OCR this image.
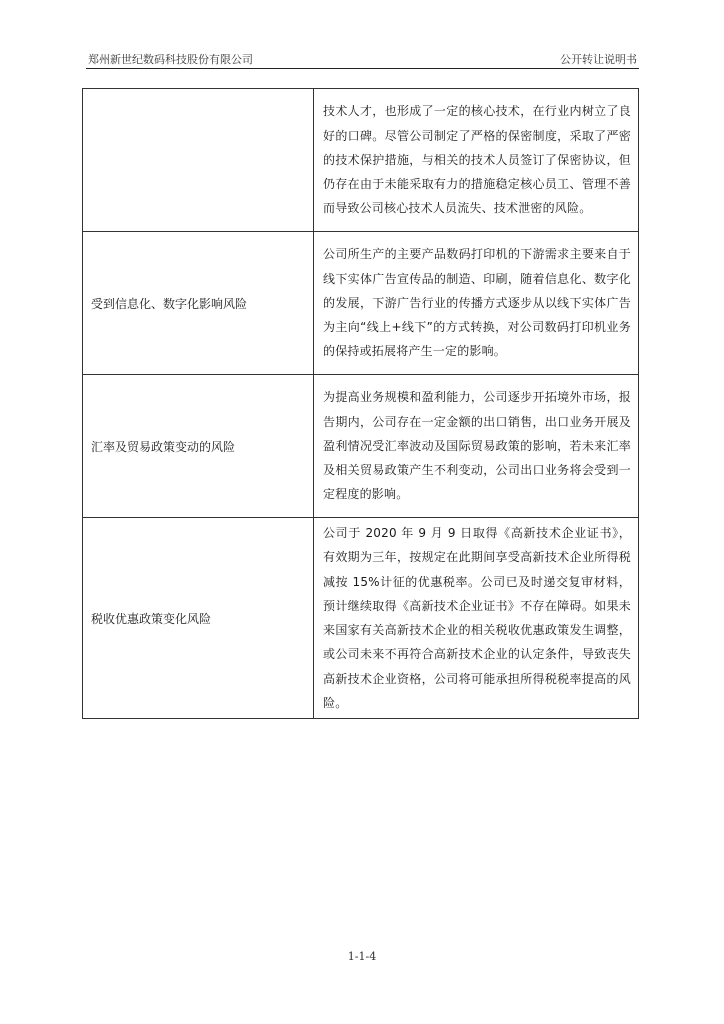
郑州新世纪数码科技股份有限公司	公开转让说明书
	技术人才，也形成了一定的核心技术，在行业内树立了良好的口碑。尽管公司制定了严格的保密制度，采取了严密的技术保护措施，与相关的技术人员签订了保密协议，但仍存在由于未能采取有力的措施稳定核心员工、管理不善而导致公司核心技术人员流失、技术泄密的风险。
受到信息化、数字化影响风险	公司所生产的主要产品数码打印机的下游需求主要来自于线下实体广告宣传品的制造、印刷，随着信息化、数字化的发展，下游广告行业的传播方式逐步从以线下实体广告为主向“线上+线下”的方式转换，对公司数码打印机业务的保持或拓展将产生一定的影响。
汇率及贸易政策变动的风险	为提高业务规模和盈利能力，公司逐步开拓境外市场，报告期内，公司存在一定金额的出口销售，出口业务开展及盈利情况受汇率波动及国际贸易政策的影响，若未来汇率及相关贸易政策产生不利变动，公司出口业务将会受到一定程度的影响。
税收优惠政策变化风险	公司于 2020 年 9 月 9 日取得《高新技术企业证书》，有效期为三年，按规定在此期间享受高新技术企业所得税减按 15%计征的优惠税率。公司已及时递交复审材料，预计继续取得《高新技术企业证书》不存在障碍。如果未来国家有关高新技术企业的相关税收优惠政策发生调整，或公司未来不再符合高新技术企业的认定条件，导致丧失高新技术企业资格，公司将可能承担所得税税率提高的风险。
1-1-4
